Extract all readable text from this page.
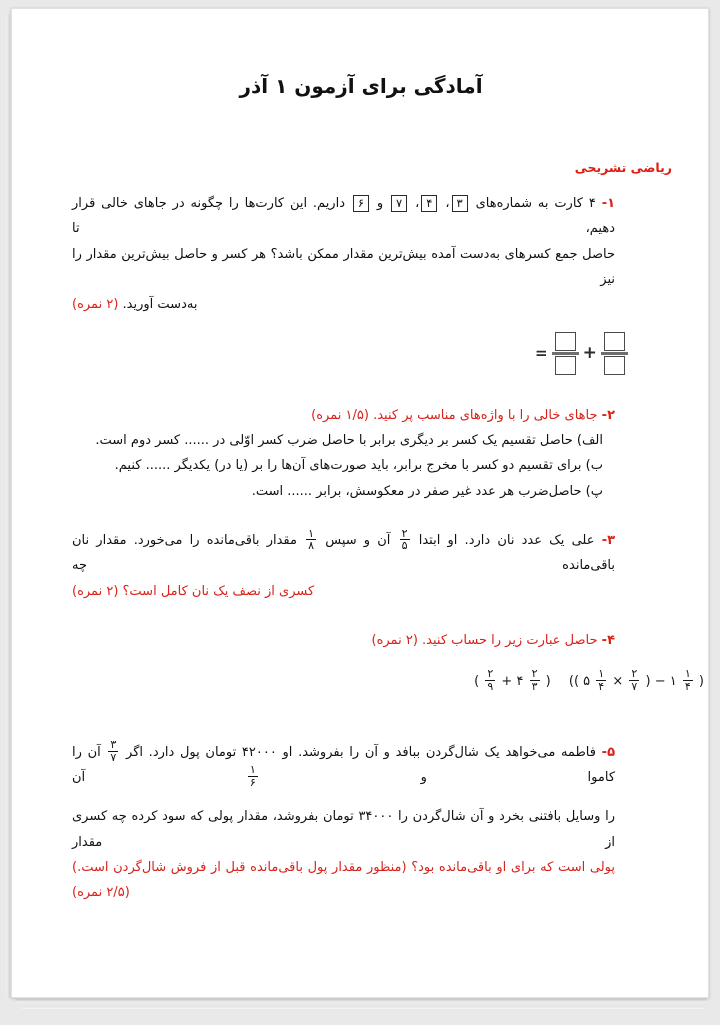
آمادگی برای آزمون ۱ آذر
ریاضی تشریحی
۱- ۴ کارت به شماره‌های ۳، ۴، ۷ و ۶ داریم. این کارت‌ها را چگونه در جاهای خالی قرار دهیم، تا
حاصل جمع کسرهای به‌دست آمده بیش‌ترین مقدار ممکن باشد؟ هر کسر و حاصل بیش‌ترین مقدار را نیز
به‌دست آورید. (۲ نمره)
+
=
۲- جاهای خالی را با واژه‌های مناسب پر کنید. (۱/۵ نمره)
الف) حاصل تقسیم یک کسر بر دیگری برابر با حاصل ضرب کسر اوّلی در ...... کسر دوم است.
ب) برای تقسیم دو کسر با مخرج برابر، باید صورت‌های آن‌ها را بر (یا در) یکدیگر ...... کنیم.
پ) حاصل‌ضرب هر عدد غیر صفر در معکوسش، برابر ...... است.
۳- علی یک عدد نان دارد. او ابتدا
$\frac{۲}{۵}$
آن و سپس
$\frac{۱}{۸}$
مقدار باقی‌مانده را می‌خورد. مقدار نان باقی‌مانده چه
کسری از نصف یک نان کامل است؟ (۲ نمره)
۴- حاصل عبارت زیر را حساب کنید. (۲ نمره)
( $\frac{۲}{۹}$ + ۴ $\frac{۲}{۳}$ ) (( ۵ $\frac{۱}{۴} \times \frac{۲}{۷}$ ) − ۱ $\frac{۱}{۴}$ )
۵- فاطمه می‌خواهد یک شال‌گردن ببافد و آن را بفروشد. او ۴۲۰۰۰ تومان پول دارد. اگر
$\frac{۳}{۷}$
آن را کاموا و
$\frac{۱}{۶}$
آن
را وسایل بافتنی بخرد و آن شال‌گردن را ۳۴۰۰۰ تومان بفروشد، مقدار پولی که سود کرده چه کسری از مقدار
پولی است که برای او باقی‌مانده بود؟ (منظور مقدار پول باقی‌مانده قبل از فروش شال‌گردن است.) (۲/۵ نمره)
